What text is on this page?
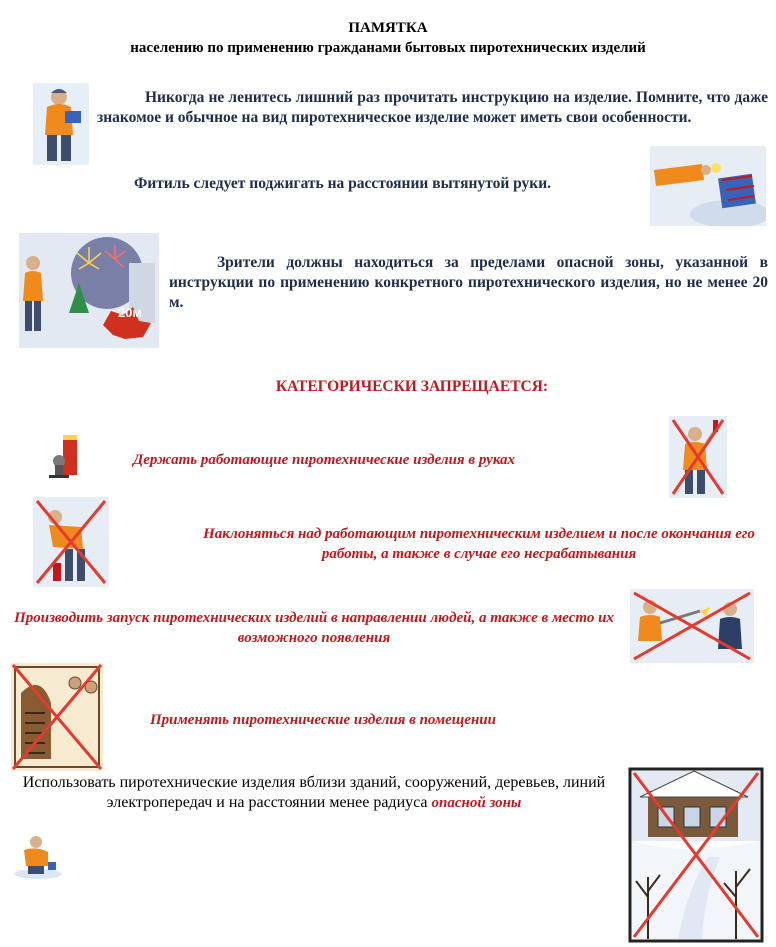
ПАМЯТКА
населению по применению гражданами бытовых пиротехнических изделий
Никогда не ленитесь лишний раз прочитать инструкцию на изделие. Помните, что даже знакомое и обычное на вид пиротехническое изделие может иметь свои особенности.
Фитиль следует поджигать на расстоянии вытянутой руки.
20м
Зрители должны находиться за пределами опасной зоны, указанной в инструкции по применению конкретного пиротехнического изделия, но не менее 20 м.
КАТЕГОРИЧЕСКИ ЗАПРЕЩАЕТСЯ:
Держать работающие пиротехнические изделия в руках
Наклоняться над работающим пиротехническим изделием и после окончания его работы, а также в случае его несрабатывания
Производить запуск пиротехнических изделий в направлении людей, а также в место их возможного появления
Применять пиротехнические изделия в помещении
Использовать пиротехнические изделия вблизи зданий, сооружений, деревьев, линий электропередач и на расстоянии менее радиуса опасной зоны
